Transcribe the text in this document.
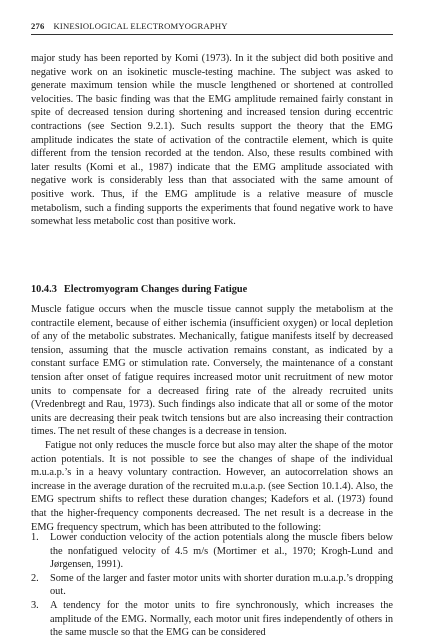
276 KINESIOLOGICAL ELECTROMYOGRAPHY

major study has been reported by Komi (1973). In it the subject did both positive and negative work on an isokinetic muscle-testing machine. The subject was asked to generate maximum tension while the muscle lengthened or shortened at controlled velocities. The basic finding was that the EMG amplitude remained fairly constant in spite of decreased tension during shortening and increased tension during eccentric contractions (see Section 9.2.1). Such results support the theory that the EMG amplitude indicates the state of activation of the contractile element, which is quite different from the tension recorded at the tendon. Also, these results combined with later results (Komi et al., 1987) indicate that the EMG amplitude associated with negative work is considerably less than that associated with the same amount of positive work. Thus, if the EMG amplitude is a relative measure of muscle metabolism, such a finding supports the experiments that found negative work to have somewhat less metabolic cost than positive work.

10.4.3 Electromyogram Changes during Fatigue

Muscle fatigue occurs when the muscle tissue cannot supply the metabolism at the contractile element, because of either ischemia (insufficient oxygen) or local depletion of any of the metabolic substrates. Mechanically, fatigue manifests itself by decreased tension, assuming that the muscle activation remains constant, as indicated by a constant surface EMG or stimulation rate. Conversely, the maintenance of a constant tension after onset of fatigue requires increased motor unit recruitment of new motor units to compensate for a decreased firing rate of the already recruited units (Vredenbregt and Rau, 1973). Such findings also indicate that all or some of the motor units are decreasing their peak twitch tensions but are also increasing their contraction times. The net result of these changes is a decrease in tension.

Fatigue not only reduces the muscle force but also may alter the shape of the motor action potentials. It is not possible to see the changes of shape of the individual m.u.a.p.’s in a heavy voluntary contraction. However, an autocorrelation shows an increase in the average duration of the recruited m.u.a.p. (see Section 10.1.4). Also, the EMG spectrum shifts to reflect these duration changes; Kadefors et al. (1973) found that the higher-frequency components decreased. The net result is a decrease in the EMG frequency spectrum, which has been attributed to the following:

1. Lower conduction velocity of the action potentials along the muscle fibers below the nonfatigued velocity of 4.5 m/s (Mortimer et al., 1970; Krogh-Lund and Jørgensen, 1991).
2. Some of the larger and faster motor units with shorter duration m.u.a.p.’s dropping out.
3. A tendency for the motor units to fire synchronously, which increases the amplitude of the EMG. Normally, each motor unit fires independently of others in the same muscle so that the EMG can be considered
